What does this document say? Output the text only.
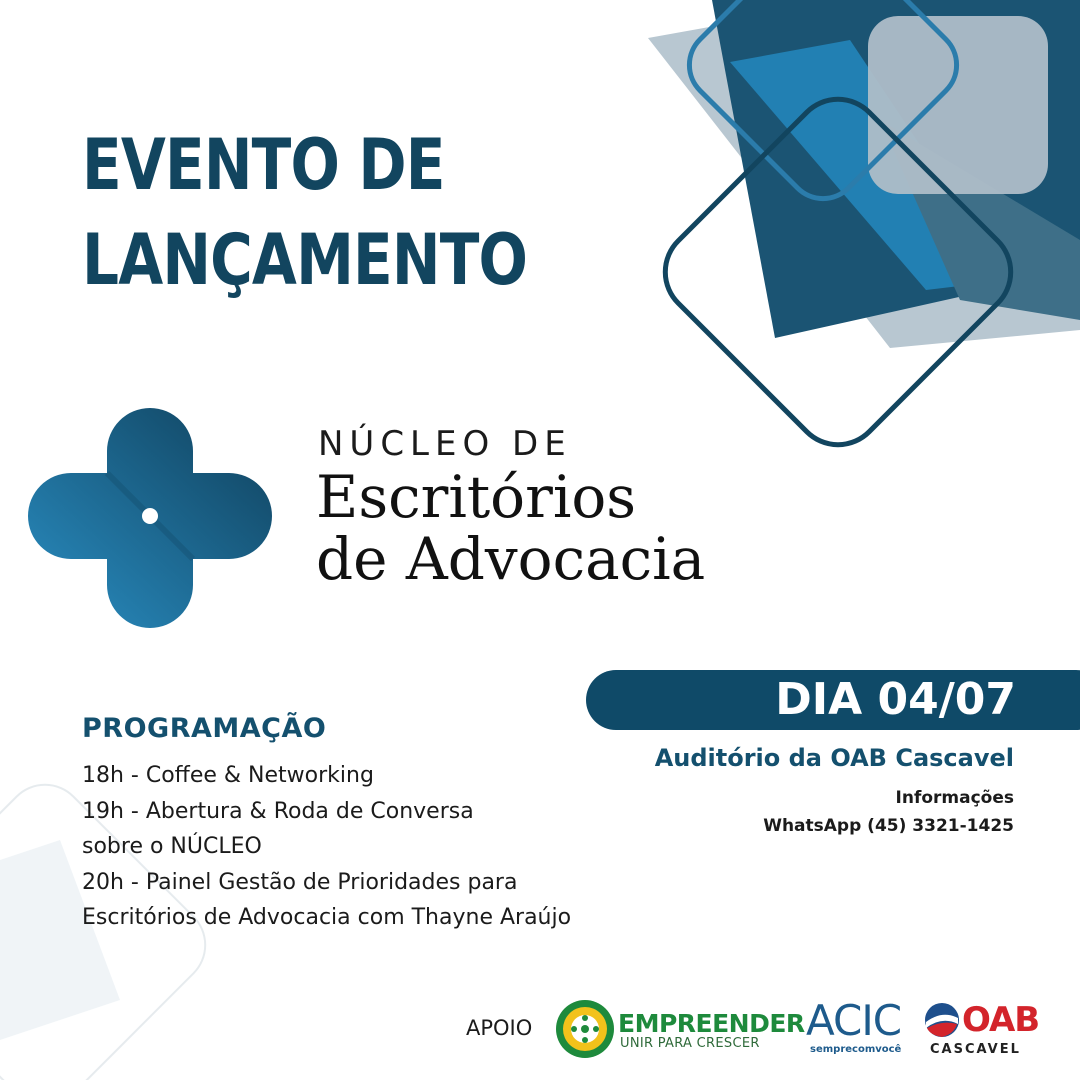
EVENTO DE
LANÇAMENTO
NÚCLEO DE
Escritórios
de Advocacia
DIA 04/07
Auditório da OAB Cascavel
Informações
WhatsApp (45) 3321-1425
PROGRAMAÇÃO
18h - Coffee & Networking
19h - Abertura & Roda de Conversa
sobre o NÚCLEO
20h - Painel Gestão de Prioridades para
Escritórios de Advocacia com Thayne Araújo
APOIO	EMPREENDER
UNIR PARA CRESCER ACIC
semprecomvocê
OAB
CASCAVEL
